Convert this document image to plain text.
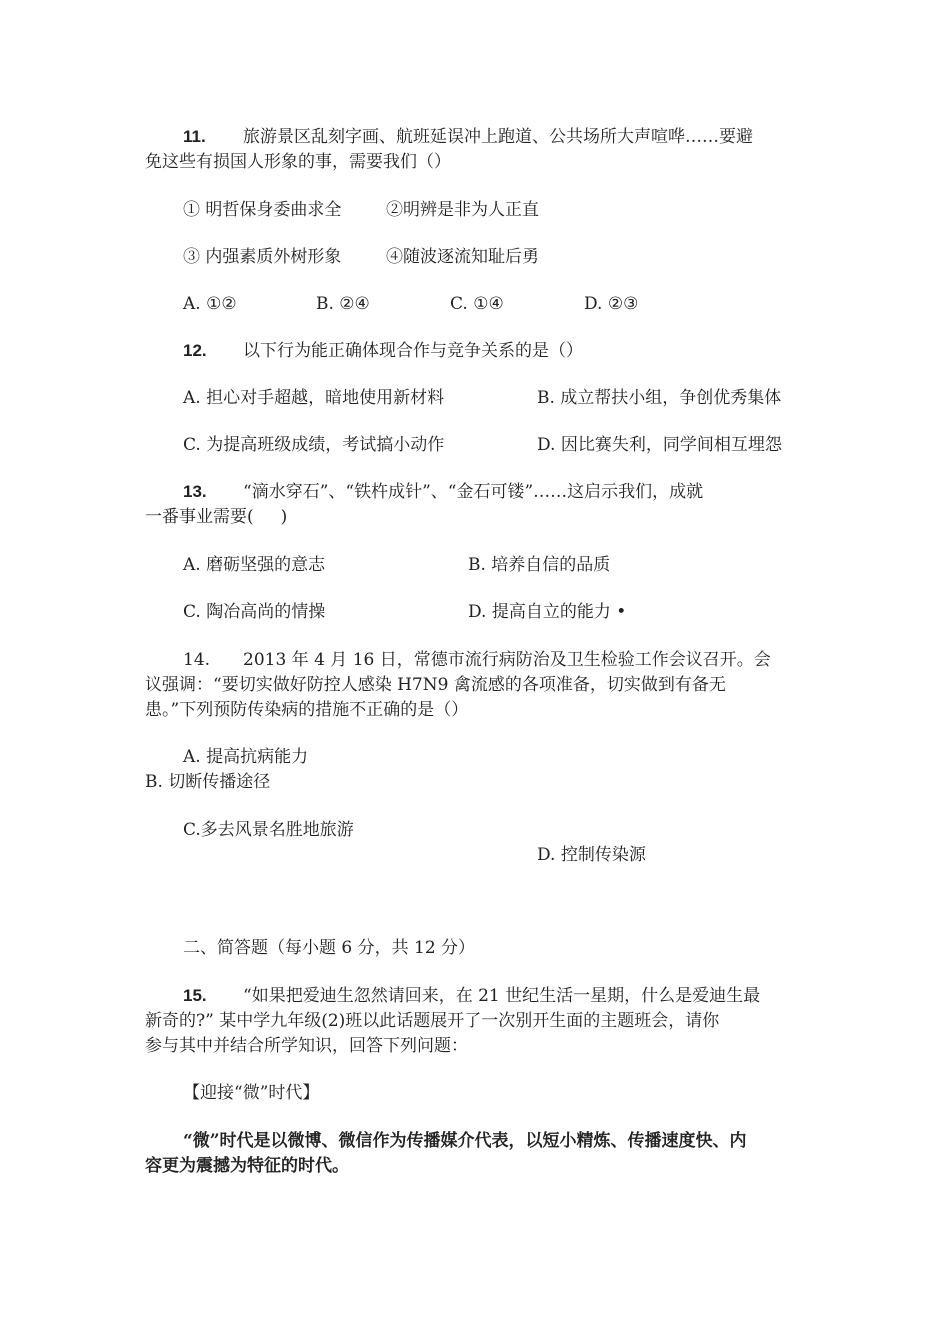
11. 旅游景区乱刻字画、航班延误冲上跑道、公共场所大声喧哗……要避
免这些有损国人形象的事，需要我们（）
① 明哲保身委曲求全	②明辨是非为人正直
③ 内强素质外树形象	④随波逐流知耻后勇
A. ①②	B. ②④	C. ①④	D. ②③
12. 以下行为能正确体现合作与竞争关系的是（）
A. 担心对手超越，暗地使用新材料	B. 成立帮扶小组，争创优秀集体
C. 为提高班级成绩，考试搞小动作	D. 因比赛失利，同学间相互埋怨
13. “滴水穿石”、“铁杵成针”、“金石可镂”……这启示我们，成就
一番事业需要(     )
A. 磨砺坚强的意志	B. 培养自信的品质
C. 陶冶高尚的情操	D. 提高自立的能力 •
14. 2013 年 4 月 16 日，常德市流行病防治及卫生检验工作会议召开。会
议强调：“要切实做好防控人感染 H7N9 禽流感的各项准备，切实做到有备无
患。”下列预防传染病的措施不正确的是（）
A. 提高抗病能力
B. 切断传播途径
C.多去风景名胜地旅游
D. 控制传染源
二、简答题（每小题 6 分，共 12 分）
15. “如果把爱迪生忽然请回来，在 21 世纪生活一星期，什么是爱迪生最
新奇的?” 某中学九年级(2)班以此话题展开了一次别开生面的主题班会，请你
参与其中并结合所学知识，回答下列问题：
【迎接“微”时代】
“微”时代是以微博、微信作为传播媒介代表，以短小精炼、传播速度快、内
容更为震撼为特征的时代。
